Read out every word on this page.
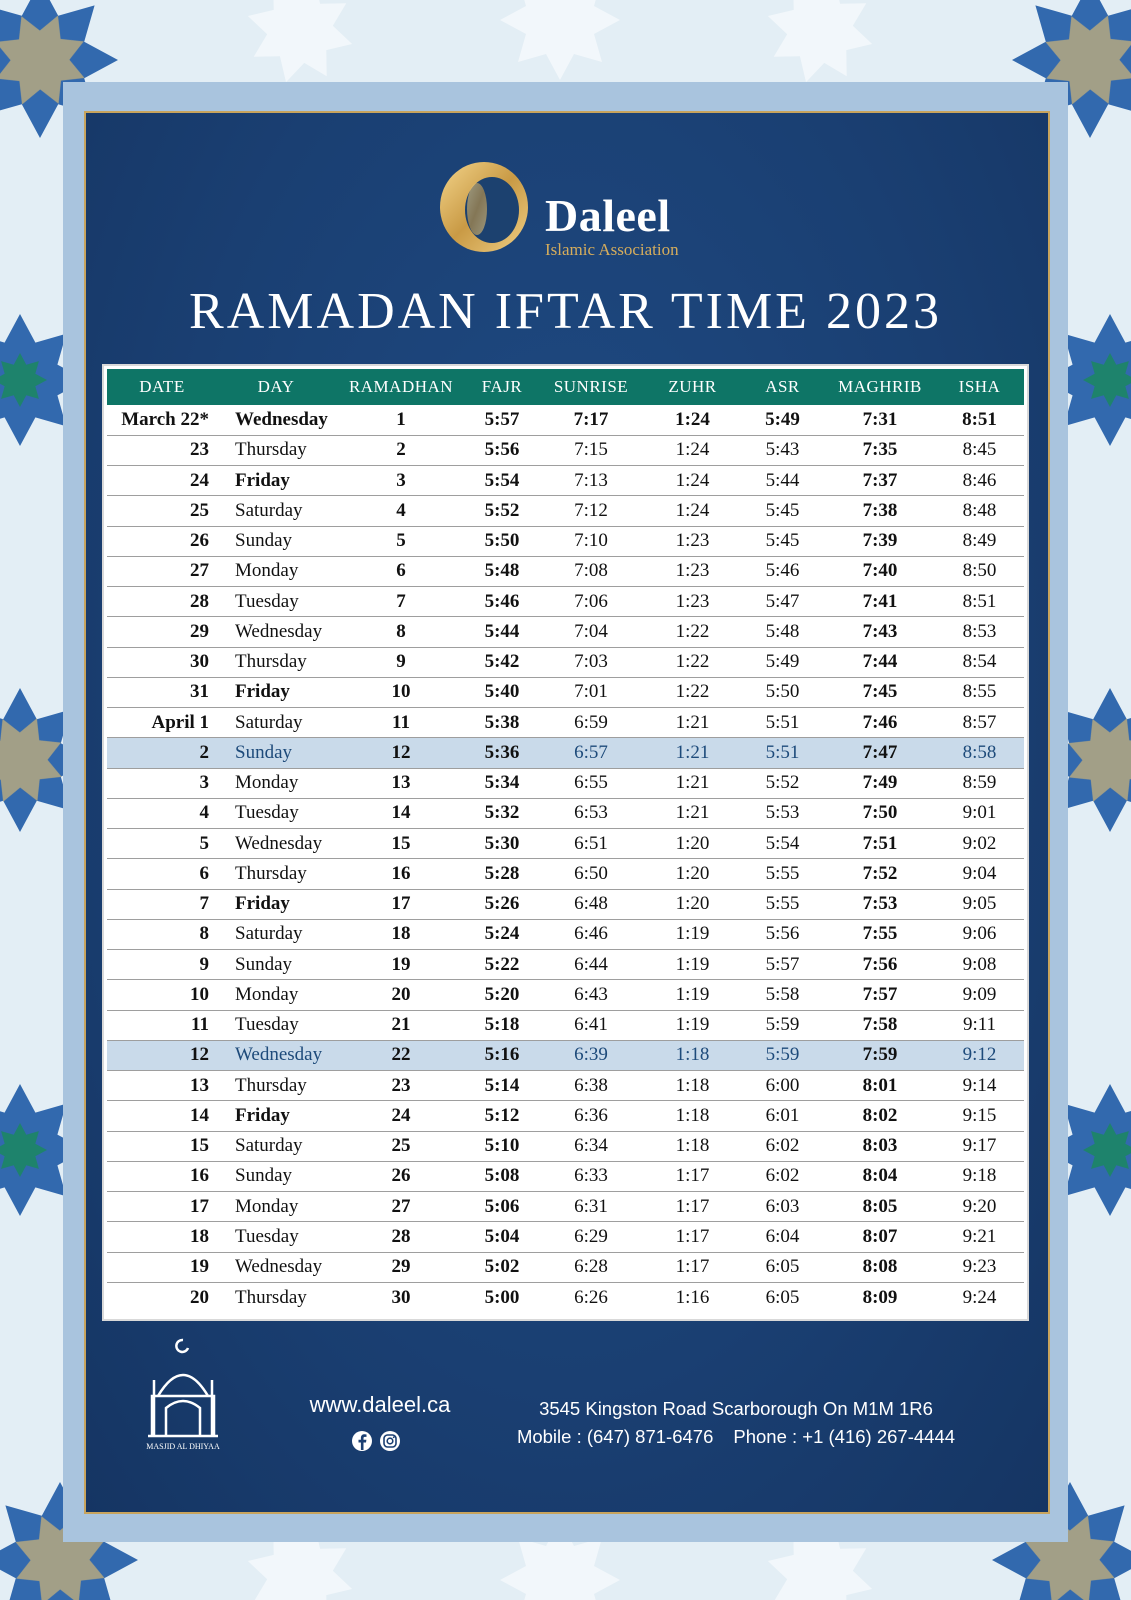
Daleel
Islamic Association
RAMADAN IFTAR TIME 2023
DATE	DAY	RAMADHAN	FAJR	SUNRISE	ZUHR	ASR	MAGHRIB	ISHA
March 22*	Wednesday	1	5:57	7:17	1:24	5:49	7:31	8:51
23	Thursday	2	5:56	7:15	1:24	5:43	7:35	8:45
24	Friday	3	5:54	7:13	1:24	5:44	7:37	8:46
25	Saturday	4	5:52	7:12	1:24	5:45	7:38	8:48
26	Sunday	5	5:50	7:10	1:23	5:45	7:39	8:49
27	Monday	6	5:48	7:08	1:23	5:46	7:40	8:50
28	Tuesday	7	5:46	7:06	1:23	5:47	7:41	8:51
29	Wednesday	8	5:44	7:04	1:22	5:48	7:43	8:53
30	Thursday	9	5:42	7:03	1:22	5:49	7:44	8:54
31	Friday	10	5:40	7:01	1:22	5:50	7:45	8:55
April 1	Saturday	11	5:38	6:59	1:21	5:51	7:46	8:57
2	Sunday	12	5:36	6:57	1:21	5:51	7:47	8:58
3	Monday	13	5:34	6:55	1:21	5:52	7:49	8:59
4	Tuesday	14	5:32	6:53	1:21	5:53	7:50	9:01
5	Wednesday	15	5:30	6:51	1:20	5:54	7:51	9:02
6	Thursday	16	5:28	6:50	1:20	5:55	7:52	9:04
7	Friday	17	5:26	6:48	1:20	5:55	7:53	9:05
8	Saturday	18	5:24	6:46	1:19	5:56	7:55	9:06
9	Sunday	19	5:22	6:44	1:19	5:57	7:56	9:08
10	Monday	20	5:20	6:43	1:19	5:58	7:57	9:09
11	Tuesday	21	5:18	6:41	1:19	5:59	7:58	9:11
12	Wednesday	22	5:16	6:39	1:18	5:59	7:59	9:12
13	Thursday	23	5:14	6:38	1:18	6:00	8:01	9:14
14	Friday	24	5:12	6:36	1:18	6:01	8:02	9:15
15	Saturday	25	5:10	6:34	1:18	6:02	8:03	9:17
16	Sunday	26	5:08	6:33	1:17	6:02	8:04	9:18
17	Monday	27	5:06	6:31	1:17	6:03	8:05	9:20
18	Tuesday	28	5:04	6:29	1:17	6:04	8:07	9:21
19	Wednesday	29	5:02	6:28	1:17	6:05	8:08	9:23
20	Thursday	30	5:00	6:26	1:16	6:05	8:09	9:24
MASJID AL DHIYAA
www.daleel.ca	3545 Kingston Road Scarborough On M1M 1R6
Mobile : (647) 871-6476 Phone : +1 (416) 267-4444
